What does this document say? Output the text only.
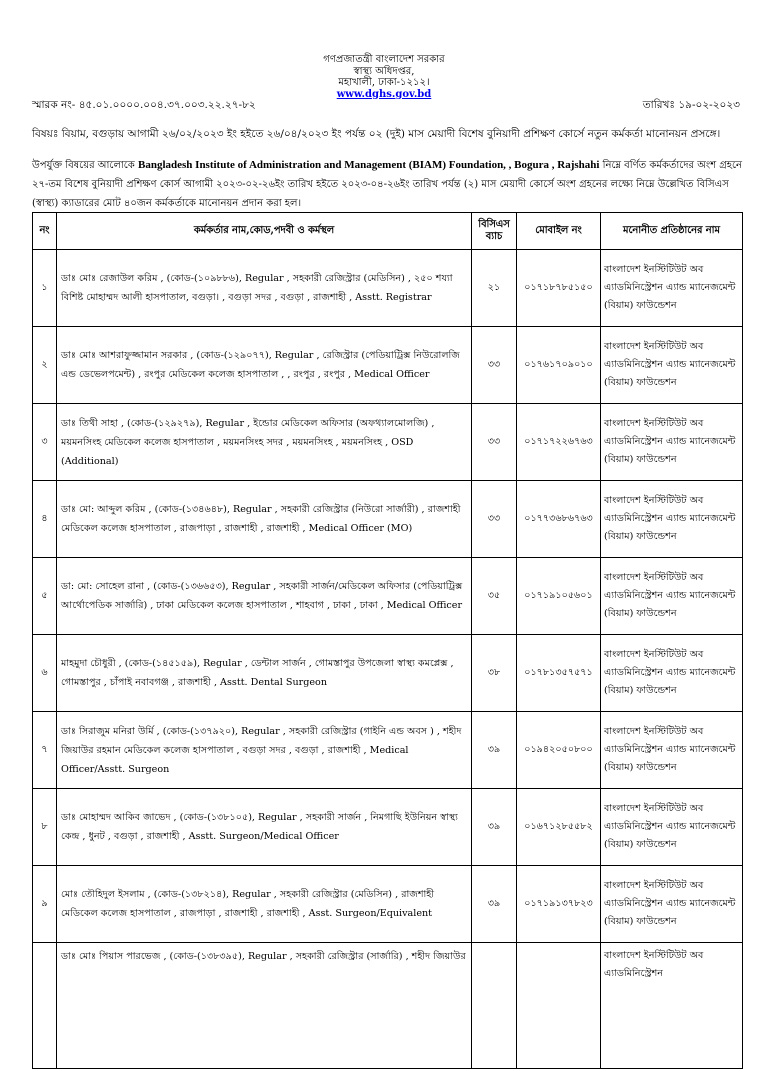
গণপ্রজাতন্ত্রী বাংলাদেশ সরকার
স্বাস্থ্য অধিদপ্তর,
মহাখালী, ঢাকা-১২১২।
www.dghs.gov.bd
স্মারক নং- ৪৫.০১.০০০০.০০৪.৩৭.০০৩.২২.২৭-৮২	তারিখঃ ১৯-০২-২০২৩
বিষয়ঃ বিয়াম, বগুড়ায় আগামী ২৬/০২/২০২৩ ইং হইতে ২৬/০৪/২০২৩ ইং পর্যন্ত ০২ (দুই) মাস মেয়াদী বিশেষ বুনিয়াদী প্রশিক্ষণ কোর্সে নতুন কর্মকর্তা মানোনয়ন প্রসঙ্গে।
উপর্যুক্ত বিষয়ের আলোকে Bangladesh Institute of Administration and Management (BIAM) Foundation, , Bogura , Rajshahi নিম্নে বর্ণিত কর্মকর্তাদের অংশ গ্রহনে ২৭-তম বিশেষ বুনিয়াদী প্রশিক্ষণ কোর্স আগামী ২০২৩-০২-২৬ইং তারিখ হইতে ২০২৩-০৪-২৬ইং তারিখ পর্যন্ত (২) মাস মেয়াদী কোর্সে অংশ গ্রহনের লক্ষ্যে নিম্নে উল্লেখিত বিসিএস (স্বাস্থ্য) ক্যাডারের মোট ৪০জন কর্মকর্তাকে মানোনয়ন প্রদান করা হল।
নং	কর্মকর্তার নাম,কোড,পদবী ও কর্মস্থল	বিসিএস ব্যাচ	মোবাইল নং	মনোনীত প্রতিষ্ঠানের নাম
১	ডাঃ মোঃ রেজাউল করিম , (কোড-(১০৯৮৮৬), Regular , সহকারী রেজিস্ট্রার (মেডিসিন) , ২৫০ শয্যা বিশিষ্ট মোহাম্মদ আলী হাসপাতাল, বগুড়া। , বগুড়া সদর , বগুড়া , রাজশাহী , Asstt. Registrar	২১	০১৭১৮৭৮৫১৫০	বাংলাদেশ ইনস্টিটিউট অব এ্যাডমিনিস্ট্রেশন এ্যান্ড ম্যানেজমেন্ট (বিয়াম) ফাউন্ডেশন
২	ডাঃ মোঃ আশরাফুজ্জামান সরকার , (কোড-(১২৯০৭৭), Regular , রেজিস্ট্রার (পেডিয়াট্রিক্স নিউরোলজি এন্ড ডেভেলপমেন্ট) , রংপুর মেডিকেল কলেজ হাসপাতাল , , রংপুর , রংপুর , Medical Officer	৩৩	০১৭৬১৭০৯০১০	বাংলাদেশ ইনস্টিটিউট অব এ্যাডমিনিস্ট্রেশন এ্যান্ড ম্যানেজমেন্ট (বিয়াম) ফাউন্ডেশন
৩	ডাঃ তিথী সাহা , (কোড-(১২৯২৭৯), Regular , ইন্ডোর মেডিকেল অফিসার (অফথ্যালমোলজি) , ময়মনসিংহ মেডিকেল কলেজ হাসপাতাল , ময়মনসিংহ সদর , ময়মনসিংহ , ময়মনসিংহ , OSD (Additional)	৩৩	০১৭১৭২২৬৭৬৩	বাংলাদেশ ইনস্টিটিউট অব এ্যাডমিনিস্ট্রেশন এ্যান্ড ম্যানেজমেন্ট (বিয়াম) ফাউন্ডেশন
৪	ডাঃ মো: আব্দুল করিম , (কোড-(১৩৪৬৪৮), Regular , সহকারী রেজিস্ট্রার (নিউরো সার্জারী) , রাজশাহী মেডিকেল কলেজ হাসপাতাল , রাজপাড়া , রাজশাহী , রাজশাহী , Medical Officer (MO)	৩৩	০১৭৭৩৬৮৬৭৬৩	বাংলাদেশ ইনস্টিটিউট অব এ্যাডমিনিস্ট্রেশন এ্যান্ড ম্যানেজমেন্ট (বিয়াম) ফাউন্ডেশন
৫	ডা: মো: সোহেল রানা , (কোড-(১৩৬৬৫৩), Regular , সহকারী সার্জন/মেডিকেল অফিসার (পেডিয়াট্রিক্স আর্থোপেডিক সার্জারি) , ঢাকা মেডিকেল কলেজ হাসপাতাল , শাহবাগ , ঢাকা , ঢাকা , Medical Officer	৩৫	০১৭১৯১০৫৬০১	বাংলাদেশ ইনস্টিটিউট অব এ্যাডমিনিস্ট্রেশন এ্যান্ড ম্যানেজমেন্ট (বিয়াম) ফাউন্ডেশন
৬	মাহমুদা চৌধুরী , (কোড-(১৪৫১৫৯), Regular , ডেন্টাল সার্জন , গোমস্তাপুর উপজেলা স্বাস্থ্য কমপ্লেক্স , গোমস্তাপুর , চাঁপাই নবাবগঞ্জ , রাজশাহী , Asstt. Dental Surgeon	৩৮	০১৭৮১৩৫৭৫৭১	বাংলাদেশ ইনস্টিটিউট অব এ্যাডমিনিস্ট্রেশন এ্যান্ড ম্যানেজমেন্ট (বিয়াম) ফাউন্ডেশন
৭	ডাঃ সিরাজুম মনিরা উর্মি , (কোড-(১৩৭৯২০), Regular , সহকারী রেজিস্ট্রার (গাইনি এন্ড অবস ) , শহীদ জিয়াউর রহমান মেডিকেল কলেজ হাসপাতাল , বগুড়া সদর , বগুড়া , রাজশাহী , Medical Officer/Asstt. Surgeon	৩৯	০১৯৪২০৫০৮০০	বাংলাদেশ ইনস্টিটিউট অব এ্যাডমিনিস্ট্রেশন এ্যান্ড ম্যানেজমেন্ট (বিয়াম) ফাউন্ডেশন
৮	ডাঃ মোহাম্মদ আকিব জাভেদ , (কোড-(১৩৮১০৫), Regular , সহকারী সার্জন , নিমগাছি ইউনিয়ন স্বাস্থ্য কেন্দ্র , ধুনট , বগুড়া , রাজশাহী , Asstt. Surgeon/Medical Officer	৩৯	০১৬৭১২৮৫৫৮২	বাংলাদেশ ইনস্টিটিউট অব এ্যাডমিনিস্ট্রেশন এ্যান্ড ম্যানেজমেন্ট (বিয়াম) ফাউন্ডেশন
৯	মোঃ তৌহিদুল ইসলাম , (কোড-(১৩৮২১৪), Regular , সহকারী রেজিস্ট্রার (মেডিসিন) , রাজশাহী মেডিকেল কলেজ হাসপাতাল , রাজপাড়া , রাজশাহী , রাজশাহী , Asst. Surgeon/Equivalent	৩৯	০১৭১৯১৩৭৮২৩	বাংলাদেশ ইনস্টিটিউট অব এ্যাডমিনিস্ট্রেশন এ্যান্ড ম্যানেজমেন্ট (বিয়াম) ফাউন্ডেশন
	ডাঃ মোঃ পিয়াস পারভেজ , (কোড-(১৩৮৩৯৫), Regular , সহকারী রেজিস্ট্রার (সার্জারি) , শহীদ জিয়াউর			বাংলাদেশ ইনস্টিটিউট অব এ্যাডমিনিস্ট্রেশন
